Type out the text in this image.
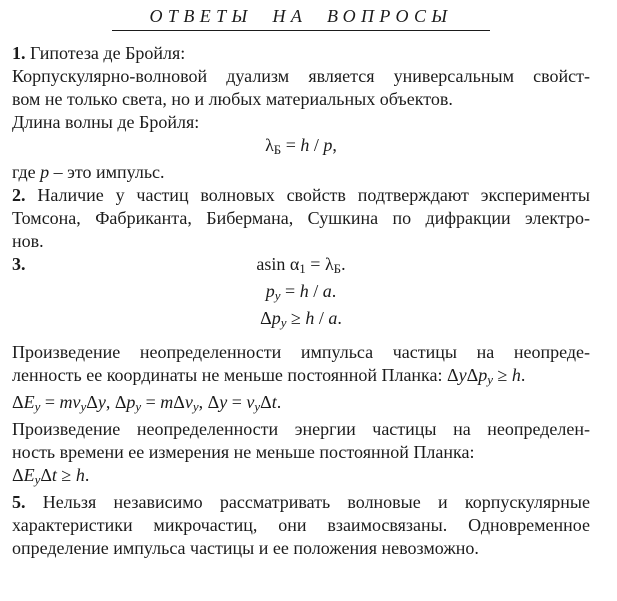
ОТВЕТЫ НА ВОПРОСЫ
1. Гипотеза де Бройля:
Корпускулярно-волновой дуализм является универсальным свойст-
вом не только света, но и любых материальных объектов.
Длина волны де Бройля:
λБ = h / p,
где p – это импульс.
2. Наличие у частиц волновых свойств подтверждают эксперименты
Томсона, Фабриканта, Бибермана, Сушкина по дифракции электро-
нов.
3.	asin α1 = λБ.
py = h / a.
Δpy ≥ h / a.
Произведение неопределенности импульса частицы на неопреде-
ленность ее координаты не меньше постоянной Планка: ΔyΔpy ≥ h.
ΔEy = mvyΔy, Δpy = mΔvy, Δy = vyΔt.
Произведение неопределенности энергии частицы на неопределен-
ность времени ее измерения не меньше постоянной Планка:
ΔEyΔt ≥ h.
5. Нельзя независимо рассматривать волновые и корпускулярные
характеристики микрочастиц, они взаимосвязаны. Одновременное
определение импульса частицы и ее положения невозможно.
